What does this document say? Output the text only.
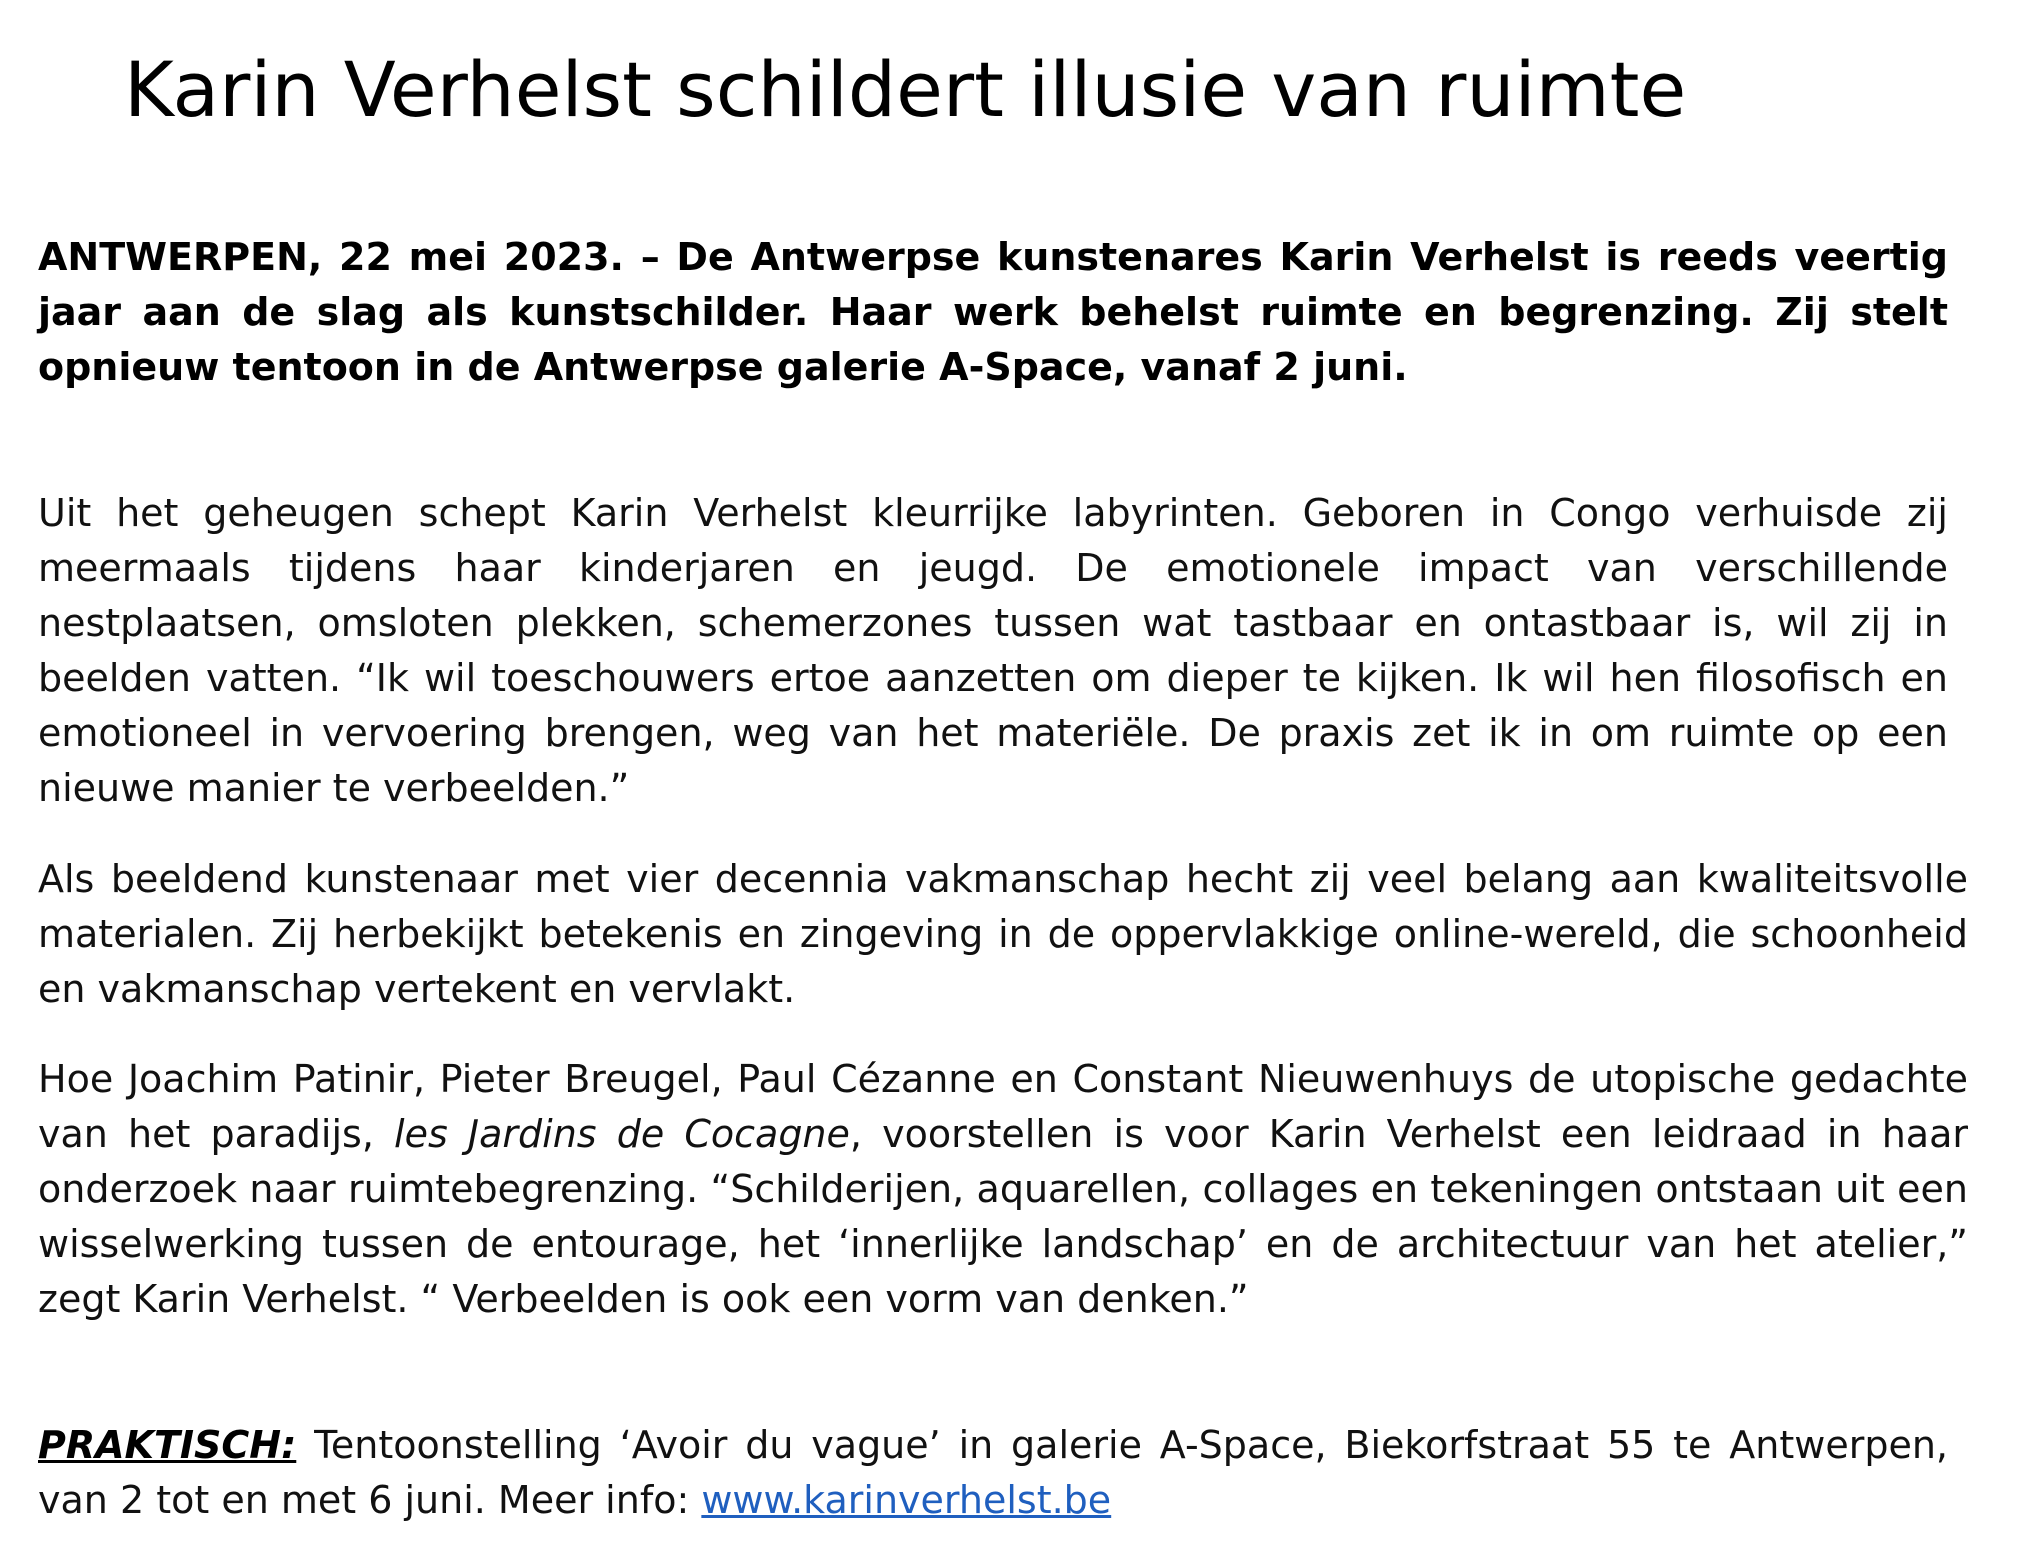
Karin Verhelst schildert illusie van ruimte

ANTWERPEN, 22 mei 2023. – De Antwerpse kunstenares Karin Verhelst is reeds veertig jaar aan de slag als kunstschilder. Haar werk behelst ruimte en begrenzing. Zij stelt opnieuw tentoon in de Antwerpse galerie A-Space, vanaf 2 juni.

Uit het geheugen schept Karin Verhelst kleurrijke labyrinten. Geboren in Congo verhuisde zij meermaals tijdens haar kinderjaren en jeugd. De emotionele impact van verschillende nestplaatsen, omsloten plekken, schemerzones tussen wat tastbaar en ontastbaar is, wil zij in beelden vatten. “Ik wil toeschouwers ertoe aanzetten om dieper te kijken. Ik wil hen filosofisch en emotioneel in vervoering brengen, weg van het materiële. De praxis zet ik in om ruimte op een nieuwe manier te verbeelden.”

Als beeldend kunstenaar met vier decennia vakmanschap hecht zij veel belang aan kwaliteitsvolle materialen. Zij herbekijkt betekenis en zingeving in de oppervlakkige online-wereld, die schoonheid en vakmanschap vertekent en vervlakt.

Hoe Joachim Patinir, Pieter Breugel, Paul Cézanne en Constant Nieuwenhuys de utopische gedachte van het paradijs, les Jardins de Cocagne, voorstellen is voor Karin Verhelst een leidraad in haar onderzoek naar ruimtebegrenzing. “Schilderijen, aquarellen, collages en tekeningen ontstaan uit een wisselwerking tussen de entourage, het ‘innerlijke landschap’ en de architectuur van het atelier,” zegt Karin Verhelst. “ Verbeelden is ook een vorm van denken.”

PRAKTISCH: Tentoonstelling ‘Avoir du vague’ in galerie A-Space, Biekorfstraat 55 te Antwerpen, van 2 tot en met 6 juni. Meer info: www.karinverhelst.be
